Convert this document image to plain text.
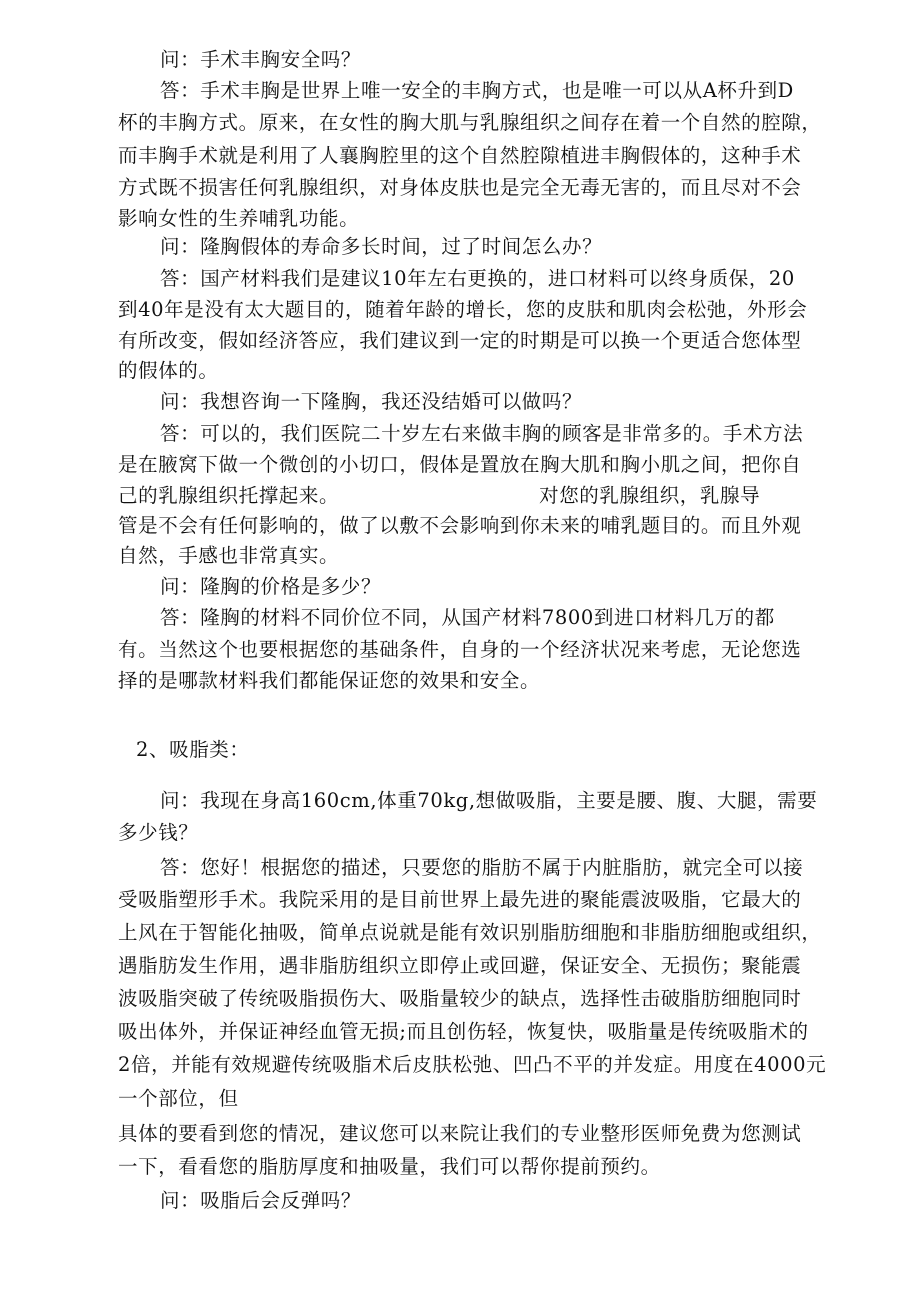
问：手术丰胸安全吗？
答：手术丰胸是世界上唯一安全的丰胸方式，也是唯一可以从A杯升到D
杯的丰胸方式。原来，在女性的胸大肌与乳腺组织之间存在着一个自然的腔隙，
而丰胸手术就是利用了人襄胸腔里的这个自然腔隙植进丰胸假体的，这种手术
方式既不损害任何乳腺组织，对身体皮肤也是完全无毒无害的，而且尽对不会
影响女性的生养哺乳功能。
问：隆胸假体的寿命多长时间，过了时间怎么办？
答：国产材料我们是建议10年左右更换的，进口材料可以终身质保，20
到40年是没有太大题目的，随着年龄的增长，您的皮肤和肌肉会松弛，外形会
有所改变，假如经济答应，我们建议到一定的时期是可以换一个更适合您体型
的假体的。
问：我想咨询一下隆胸，我还没结婚可以做吗？
答：可以的，我们医院二十岁左右来做丰胸的顾客是非常多的。手术方法
是在腋窝下做一个微创的小切口，假体是置放在胸大肌和胸小肌之间，把你自
己的乳腺组织托撑起来。	对您的乳腺组织，乳腺导
管是不会有任何影响的，做了以敷不会影响到你未来的哺乳题目的。而且外观
自然，手感也非常真实。
问：隆胸的价格是多少？
答：隆胸的材料不同价位不同，从国产材料7800到进口材料几万的都
有。当然这个也要根据您的基础条件，自身的一个经济状况来考虑，无论您选
择的是哪款材料我们都能保证您的效果和安全。
2、吸脂类：
问：我现在身高160cm,体重70kg,想做吸脂，主要是腰、腹、大腿，需要
多少钱？
答：您好！根据您的描述，只要您的脂肪不属于内脏脂肪，就完全可以接
受吸脂塑形手术。我院采用的是目前世界上最先进的聚能震波吸脂，它最大的
上风在于智能化抽吸，简单点说就是能有效识别脂肪细胞和非脂肪细胞或组织，
遇脂肪发生作用，遇非脂肪组织立即停止或回避，保证安全、无损伤；聚能震
波吸脂突破了传统吸脂损伤大、吸脂量较少的缺点，选择性击破脂肪细胞同时
吸出体外，并保证神经血管无损;而且创伤轻，恢复快，吸脂量是传统吸脂术的
2倍，并能有效规避传统吸脂术后皮肤松弛、凹凸不平的并发症。用度在4000元
一个部位，但
具体的要看到您的情况，建议您可以来院让我们的专业整形医师免费为您测试
一下，看看您的脂肪厚度和抽吸量，我们可以帮你提前预约。
问：吸脂后会反弹吗？
